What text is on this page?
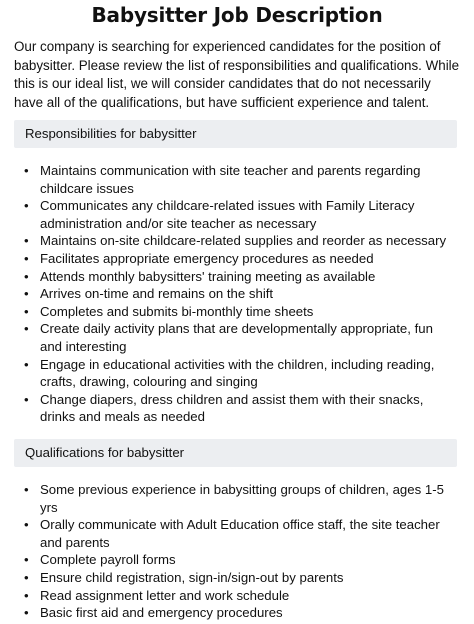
Babysitter Job Description
Our company is searching for experienced candidates for the position of babysitter. Please review the list of responsibilities and qualifications. While this is our ideal list, we will consider candidates that do not necessarily have all of the qualifications, but have sufficient experience and talent.
Responsibilities for babysitter
• Maintains communication with site teacher and parents regarding childcare issues
• Communicates any childcare-related issues with Family Literacy administration and/or site teacher as necessary
• Maintains on-site childcare-related supplies and reorder as necessary
• Facilitates appropriate emergency procedures as needed
• Attends monthly babysitters' training meeting as available
• Arrives on-time and remains on the shift
• Completes and submits bi-monthly time sheets
• Create daily activity plans that are developmentally appropriate, fun and interesting
• Engage in educational activities with the children, including reading, crafts, drawing, colouring and singing
• Change diapers, dress children and assist them with their snacks, drinks and meals as needed
Qualifications for babysitter
• Some previous experience in babysitting groups of children, ages 1-5 yrs
• Orally communicate with Adult Education office staff, the site teacher and parents
• Complete payroll forms
• Ensure child registration, sign-in/sign-out by parents
• Read assignment letter and work schedule
• Basic first aid and emergency procedures
